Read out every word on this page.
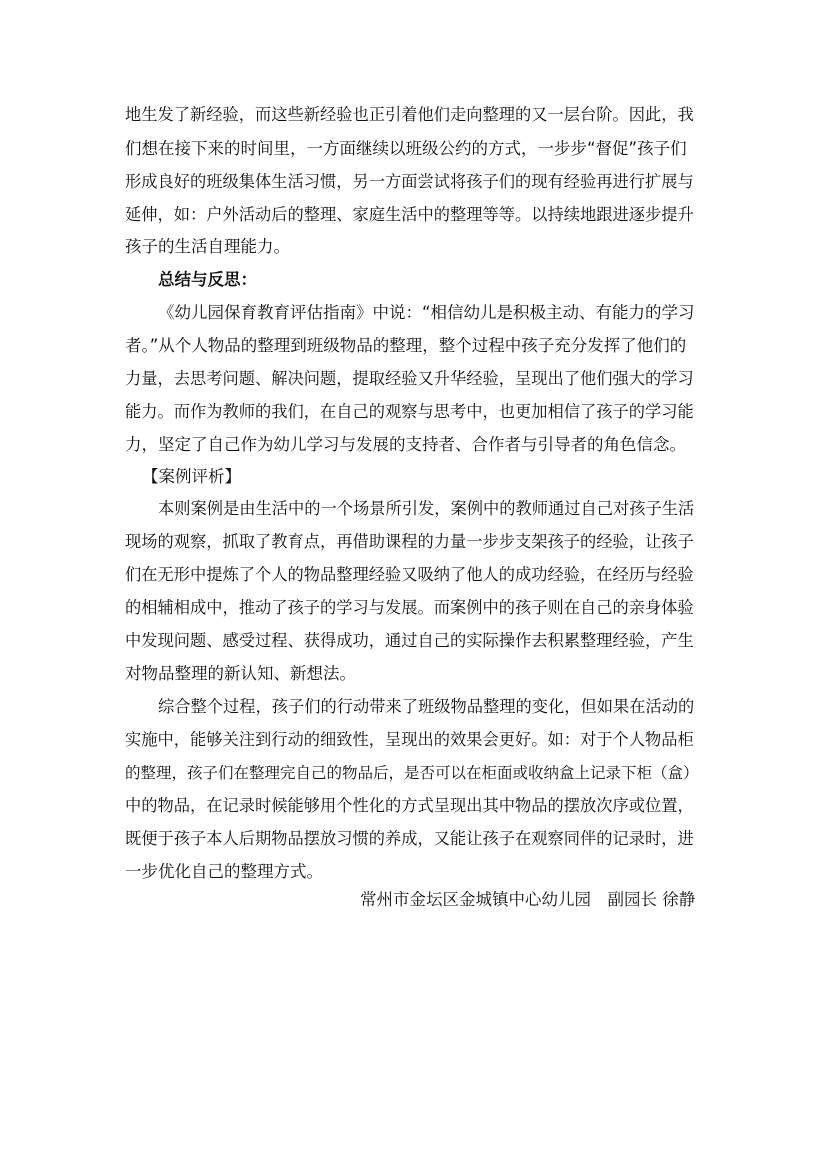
地生发了新经验，而这些新经验也正引着他们走向整理的又一层台阶。因此，我
们想在接下来的时间里，一方面继续以班级公约的方式，一步步“督促”孩子们
形成良好的班级集体生活习惯，另一方面尝试将孩子们的现有经验再进行扩展与
延伸，如：户外活动后的整理、家庭生活中的整理等等。以持续地跟进逐步提升
孩子的生活自理能力。
总结与反思：
《幼儿园保育教育评估指南》中说：“相信幼儿是积极主动、有能力的学习
者。”从个人物品的整理到班级物品的整理，整个过程中孩子充分发挥了他们的
力量，去思考问题、解决问题，提取经验又升华经验，呈现出了他们强大的学习
能力。而作为教师的我们，在自己的观察与思考中，也更加相信了孩子的学习能
力，坚定了自己作为幼儿学习与发展的支持者、合作者与引导者的角色信念。
【案例评析】
本则案例是由生活中的一个场景所引发，案例中的教师通过自己对孩子生活
现场的观察，抓取了教育点，再借助课程的力量一步步支架孩子的经验，让孩子
们在无形中提炼了个人的物品整理经验又吸纳了他人的成功经验，在经历与经验
的相辅相成中，推动了孩子的学习与发展。而案例中的孩子则在自己的亲身体验
中发现问题、感受过程、获得成功，通过自己的实际操作去积累整理经验，产生
对物品整理的新认知、新想法。
综合整个过程，孩子们的行动带来了班级物品整理的变化，但如果在活动的
实施中，能够关注到行动的细致性，呈现出的效果会更好。如：对于个人物品柜
的整理，孩子们在整理完自己的物品后，是否可以在柜面或收纳盒上记录下柜（盒）
中的物品，在记录时候能够用个性化的方式呈现出其中物品的摆放次序或位置，
既便于孩子本人后期物品摆放习惯的养成，又能让孩子在观察同伴的记录时，进
一步优化自己的整理方式。
常州市金坛区金城镇中心幼儿园　副园长 徐静
